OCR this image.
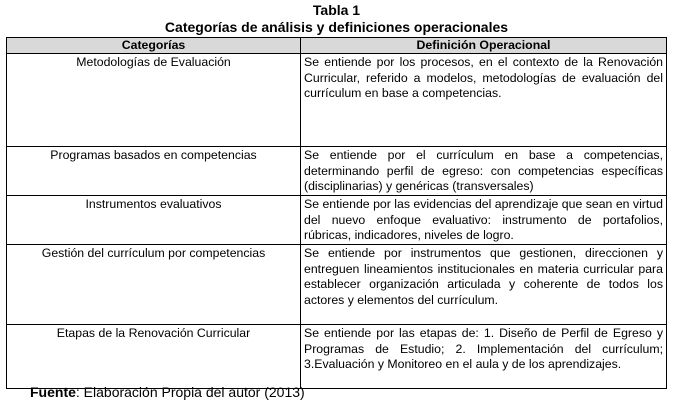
Tabla 1
Categorías de análisis y definiciones operacionales
Categorías	Definición Operacional
Metodologías de Evaluación	Se entiende por los procesos, en el contexto de la Renovación Curricular, referido a modelos, metodologías de evaluación del currículum en base a competencias.
Programas basados en competencias	Se entiende por el currículum en base a competencias, determinando perfil de egreso: con competencias específicas (disciplinarias) y genéricas (transversales)
Instrumentos evaluativos	Se entiende por las evidencias del aprendizaje que sean en virtud del nuevo enfoque evaluativo: instrumento de portafolios, rúbricas, indicadores, niveles de logro.
Gestión del currículum por competencias	Se entiende por instrumentos que gestionen, direccionen y entreguen lineamientos institucionales en materia curricular para establecer organización articulada y coherente de todos los actores y elementos del currículum.
Etapas de la Renovación Curricular	Se entiende por las etapas de: 1. Diseño de Perfil de Egreso y Programas de Estudio; 2. Implementación del currículum; 3.Evaluación y Monitoreo en el aula y de los aprendizajes.
Fuente: Elaboración Propia del autor (2013)
